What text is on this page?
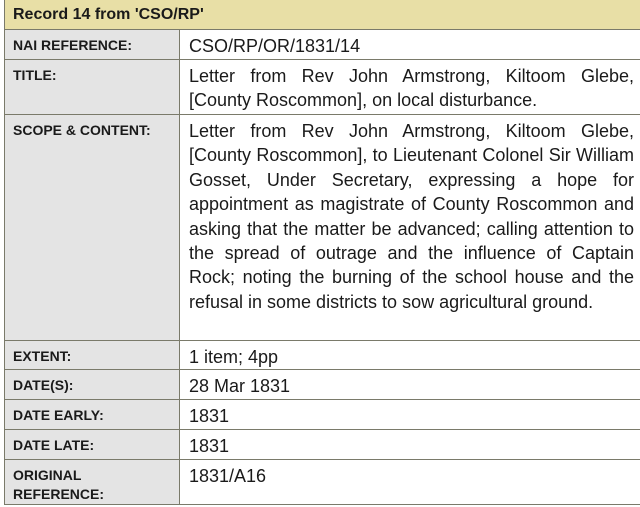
Record 14 from 'CSO/RP'
NAI REFERENCE:	CSO/RP/OR/1831/14
TITLE:	Letter from Rev John Armstrong, Kiltoom Glebe, [County Roscommon], on local disturbance.
SCOPE & CONTENT:	Letter from Rev John Armstrong, Kiltoom Glebe, [County Roscommon], to Lieutenant Colonel Sir William Gosset, Under Secretary, expressing a hope for appointment as magistrate of County Roscommon and asking that the matter be advanced; calling attention to the spread of outrage and the influence of Captain Rock; noting the burning of the school house and the refusal in some districts to sow agricultural ground.
EXTENT:	1 item; 4pp
DATE(S):	28 Mar 1831
DATE EARLY:	1831
DATE LATE:	1831
ORIGINAL REFERENCE:
1831/A16
